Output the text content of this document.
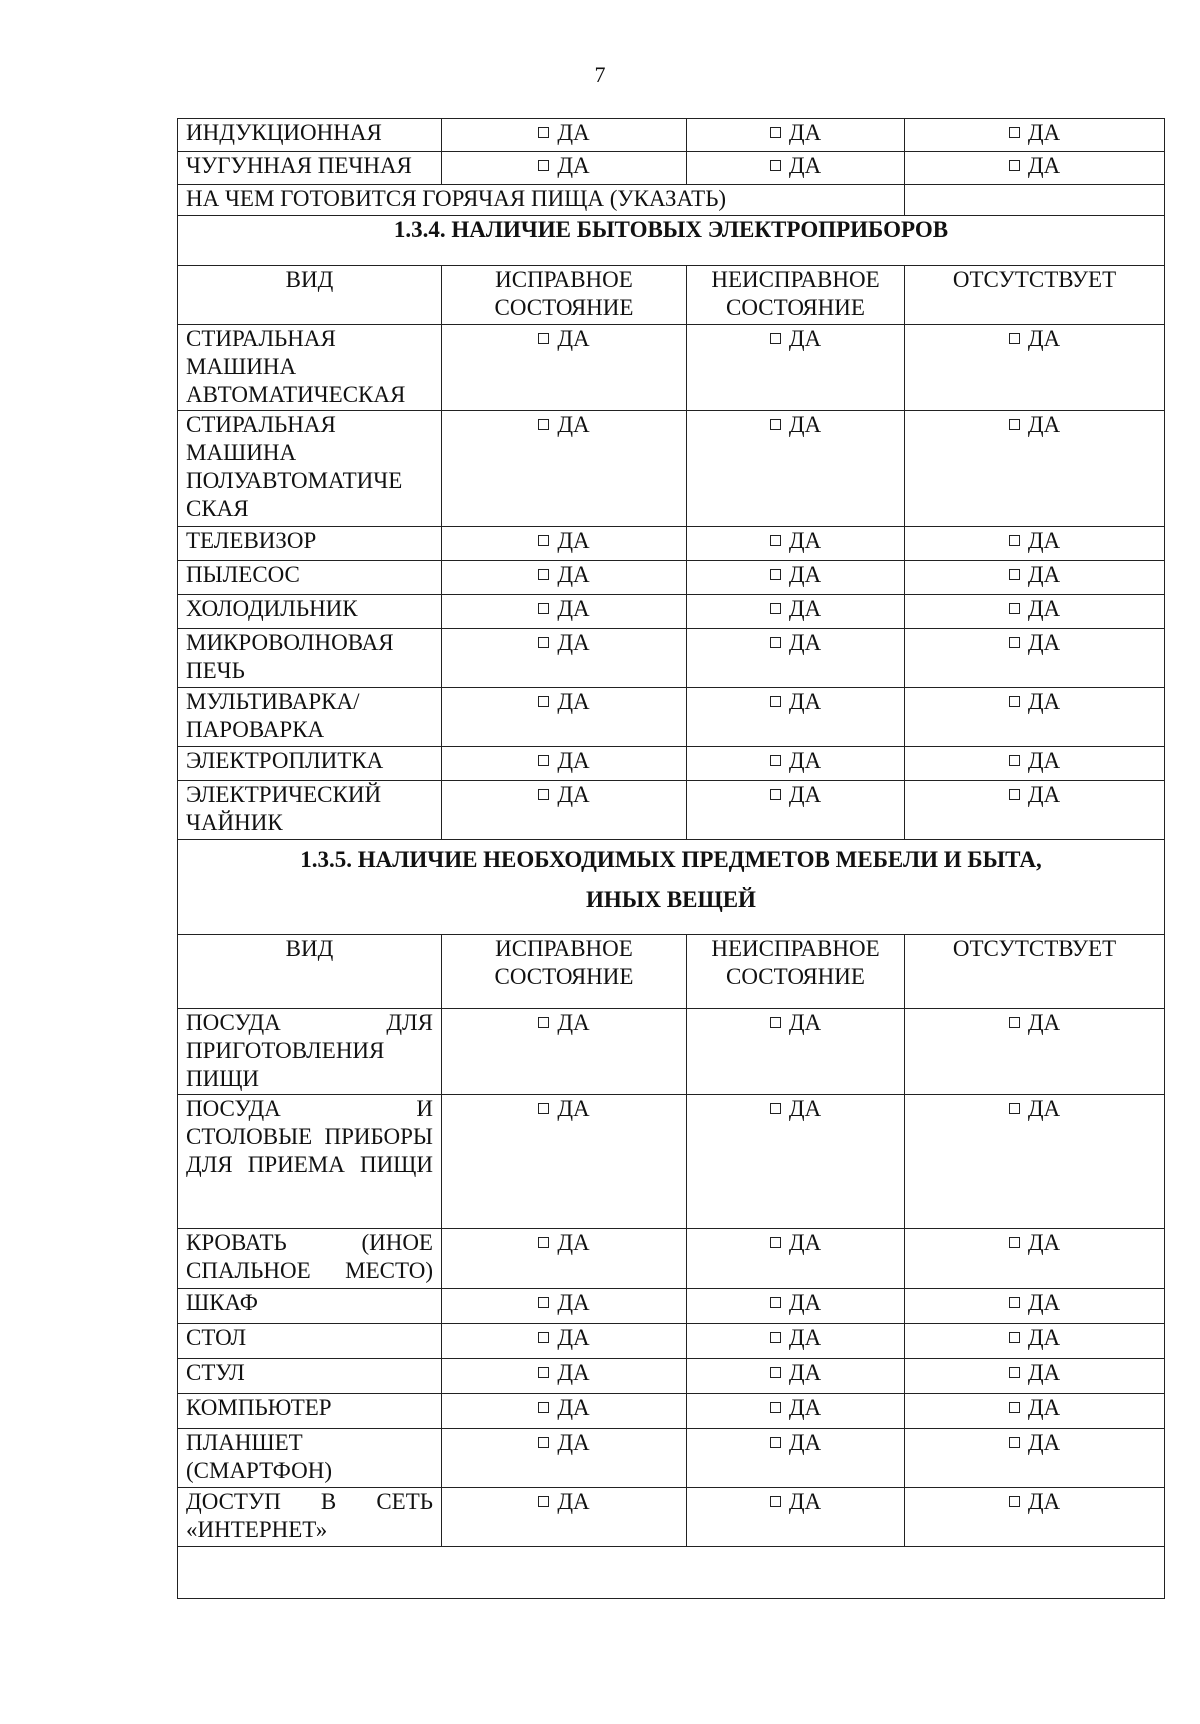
7
ИНДУКЦИОННАЯ	ДА	ДА	ДА
ЧУГУННАЯ ПЕЧНАЯ	ДА	ДА	ДА
НА ЧЕМ ГОТОВИТСЯ ГОРЯЧАЯ ПИЩА (УКАЗАТЬ)			
1.3.4. НАЛИЧИЕ БЫТОВЫХ ЭЛЕКТРОПРИБОРОВ			
ВИД	ИСПРАВНОЕ СОСТОЯНИЕ	НЕИСПРАВНОЕ СОСТОЯНИЕ	ОТСУТСТВУЕТ
СТИРАЛЬНАЯ МАШИНА АВТОМАТИЧЕСКАЯ	ДА	ДА	ДА
СТИРАЛЬНАЯ МАШИНА ПОЛУАВТОМАТИЧЕ СКАЯ	ДА	ДА	ДА
ТЕЛЕВИЗОР	ДА	ДА	ДА
ПЫЛЕСОС	ДА	ДА	ДА
ХОЛОДИЛЬНИК	ДА	ДА	ДА
МИКРОВОЛНОВАЯ ПЕЧЬ	ДА	ДА	ДА
МУЛЬТИВАРКА/ ПАРОВАРКА	ДА	ДА	ДА
ЭЛЕКТРОПЛИТКА	ДА	ДА	ДА
ЭЛЕКТРИЧЕСКИЙ ЧАЙНИК	ДА	ДА	ДА

1.3.5. НАЛИЧИЕ НЕОБХОДИМЫХ ПРЕДМЕТОВ МЕБЕЛИ И БЫТА,
ИНЫХ ВЕЩЕЙ			

ВИД	ИСПРАВНОЕ СОСТОЯНИЕ	НЕИСПРАВНОЕ СОСТОЯНИЕ	ОТСУТСТВУЕТ
ПОСУДА ДЛЯ ПРИГОТОВЛЕНИЯ ПИЩИ	ДА	ДА	ДА
ПОСУДА И СТОЛОВЫЕ ПРИБОРЫ ДЛЯ ПРИЕМА ПИЩИ	ДА	ДА	ДА
КРОВАТЬ (ИНОЕ СПАЛЬНОЕ МЕСТО)	ДА	ДА	ДА
ШКАФ	ДА	ДА	ДА
СТОЛ	ДА	ДА	ДА
СТУЛ	ДА	ДА	ДА
КОМПЬЮТЕР	ДА	ДА	ДА
ПЛАНШЕТ (СМАРТФОН)	ДА	ДА	ДА
ДОСТУП В СЕТЬ «ИНТЕРНЕТ»	ДА	ДА	ДА
